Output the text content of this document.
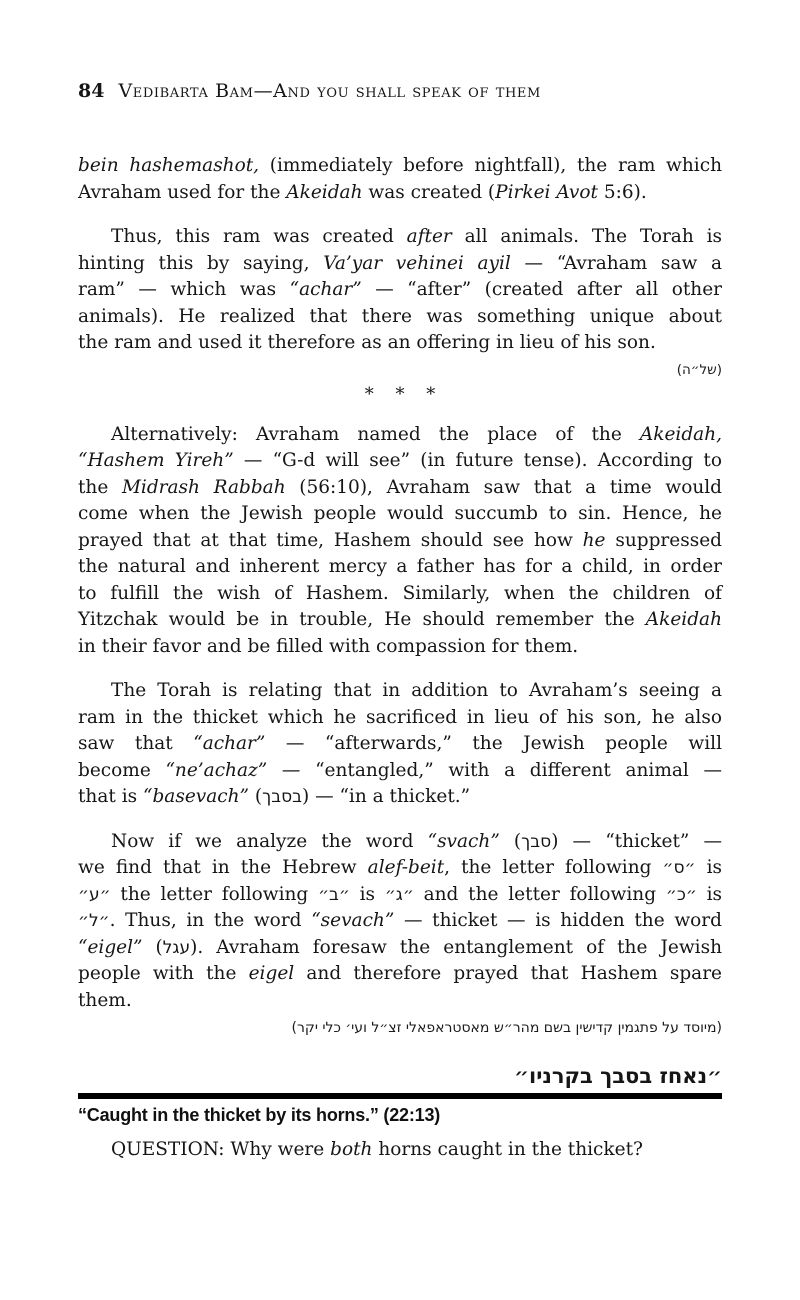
84 Vedibarta Bam—And you shall speak of them
bein hashemashot, (immediately before nightfall), the ram which
Avraham used for the Akeidah was created (Pirkei Avot 5:6).
Thus, this ram was created after all animals. The Torah is
hinting this by saying, Va’yar vehinei ayil — “Avraham saw a
ram” — which was “achar” — “after” (created after all other
animals). He realized that there was something unique about
the ram and used it therefore as an offering in lieu of his son.
(של״ה)
* * *
Alternatively: Avraham named the place of the Akeidah,
“Hashem Yireh” — “G-d will see” (in future tense). According to
the Midrash Rabbah (56:10), Avraham saw that a time would
come when the Jewish people would succumb to sin. Hence, he
prayed that at that time, Hashem should see how he suppressed
the natural and inherent mercy a father has for a child, in order
to fulfill the wish of Hashem. Similarly, when the children of
Yitzchak would be in trouble, He should remember the Akeidah
in their favor and be filled with compassion for them.
The Torah is relating that in addition to Avraham’s seeing a
ram in the thicket which he sacrificed in lieu of his son, he also
saw that “achar” — “afterwards,” the Jewish people will
become “ne’achaz” — “entangled,” with a different animal —
that is “basevach” (בסבך) — “in a thicket.”
Now if we analyze the word “svach” (סבך) — “thicket” —
we find that in the Hebrew alef-beit, the letter following ״ס״ is
״ע״ the letter following ״ב״ is ״ג״ and the letter following ״כ״ is
״ל״. Thus, in the word “sevach” — thicket — is hidden the word
“eigel” (עגל). Avraham foresaw the entanglement of the Jewish
people with the eigel and therefore prayed that Hashem spare
them.
(מיוסד על פתגמין קדישין בשם מהר״ש מאסטראפאלי זצ״ל ועי׳ כלי יקר)
״נאחז בסבך בקרניו״
“Caught in the thicket by its horns.” (22:13)
QUESTION: Why were both horns caught in the thicket?
